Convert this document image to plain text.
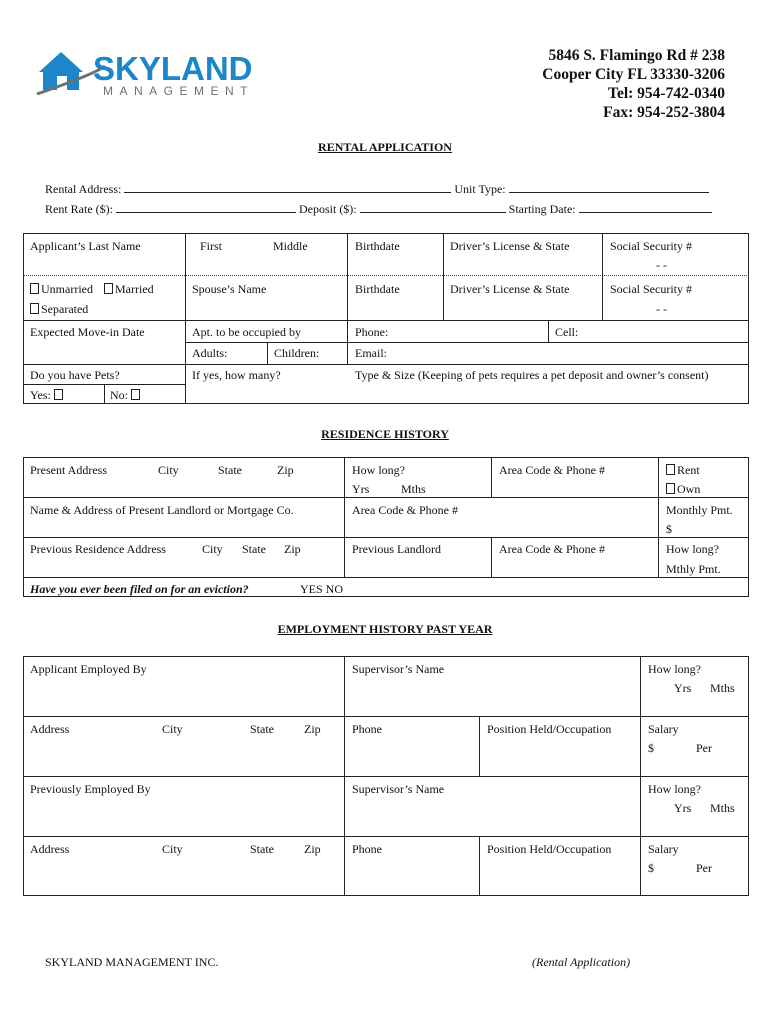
SKYLAND
MANAGEMENT
5846 S. Flamingo Rd # 238
Cooper City FL 33330-3206
Tel: 954-742-0340
Fax: 954-252-3804
RENTAL APPLICATION
Rental Address:	Unit Type:
Rent Rate ($):	Deposit ($):	Starting Date:
Applicant’s Last Name	First	Middle	Birthdate	Driver’s License & State	Social Security #
- -
Unmarried	Married
Separated
Spouse’s Name	Birthdate	Driver’s License & State	Social Security #
- -
Expected Move-in Date	Apt. to be occupied by	Phone:	Cell:
Adults:	Children:	Email:
Do you have Pets?
Yes:	No:
If yes, how many?	Type & Size (Keeping of pets requires a pet deposit and owner’s consent)
RESIDENCE HISTORY
Present Address	City	State	Zip	How long?
Yrs	Mths
Area Code & Phone #	Rent
Own
Name & Address of Present Landlord or Mortgage Co.	Area Code & Phone #	Monthly Pmt.
$
Previous Residence Address	City State Zip	Previous Landlord	Area Code & Phone #	How long?
Mthly Pmt.
Have you ever been filed on for an eviction?	YES NO
EMPLOYMENT HISTORY PAST YEAR
Applicant Employed By	Supervisor’s Name	How long?
Yrs Mths
Address	City	State	Zip	Phone	Position Held/Occupation	Salary
$	Per
Previously Employed By	Supervisor’s Name	How long?
Yrs Mths
Address	City	State	Zip	Phone	Position Held/Occupation	Salary
$	Per
SKYLAND MANAGEMENT INC.	(Rental Application)
